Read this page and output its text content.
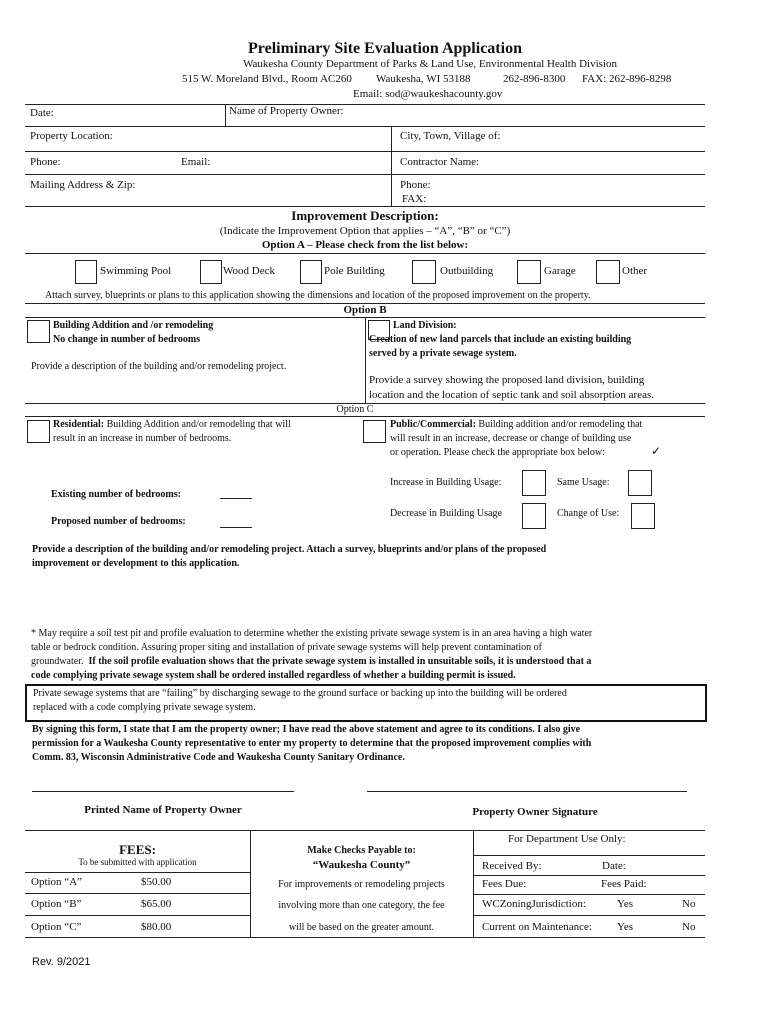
Preliminary Site Evaluation Application
Waukesha County Department of Parks & Land Use, Environmental Health Division
515 W. Moreland Blvd., Room AC260 Waukesha, WI 53188	262-896-8300 FAX: 262-896-8298
Email: sod@waukeshacounty.gov
Date:	Name of Property Owner:
Property Location:	City, Town, Village of:
Phone:	Email:	Contractor Name:
Mailing Address & Zip:	Phone:
FAX:
Improvement Description:
(Indicate the Improvement Option that applies – “A”, “B” or “C”)
Option A – Please check from the list below:
Swimming Pool	Wood Deck	Pole Building	Outbuilding	Garage	Other
Attach survey, blueprints or plans to this application showing the dimensions and location of the proposed improvement on the property.
Option B
Building Addition and /or remodeling
No change in number of bedrooms
Provide a description of the building and/or remodeling project.
Land Division:
Creation of new land parcels that include an existing building
served by a private sewage system.
Provide a survey showing the proposed land division, building
location and the location of septic tank and soil absorption areas.
Option C
Residential: Building Addition and/or remodeling that will
result in an increase in number of bedrooms.
Existing number of bedrooms:
Proposed number of bedrooms:
Public/Commercial: Building addition and/or remodeling that
will result in an increase, decrease or change of building use
or operation. Please check the appropriate box below:	✓
Increase in Building Usage:	Same Usage:
Decrease in Building Usage	Change of Use:
Provide a description of the building and/or remodeling project. Attach a survey, blueprints and/or plans of the proposed
improvement or development to this application.
* May require a soil test pit and profile evaluation to determine whether the existing private sewage system is in an area having a high water
table or bedrock condition. Assuring proper siting and installation of private sewage systems will help prevent contamination of
groundwater. If the soil profile evaluation shows that the private sewage system is installed in unsuitable soils, it is understood that a
code complying private sewage system shall be ordered installed regardless of whether a building permit is issued.
Private sewage systems that are “failing” by discharging sewage to the ground surface or backing up into the building will be ordered
replaced with a code complying private sewage system.
By signing this form, I state that I am the property owner; I have read the above statement and agree to its conditions. I also give
permission for a Waukesha County representative to enter my property to determine that the proposed improvement complies with
Comm. 83, Wisconsin Administrative Code and Waukesha County Sanitary Ordinance.
Printed Name of Property Owner	Property Owner Signature
FEES:
To be submitted with application
Option “A”	$50.00
Option “B”	$65.00
Option “C”	$80.00
Make Checks Payable to:
“Waukesha County”
For improvements or remodeling projects
involving more than one category, the fee
will be based on the greater amount.
For Department Use Only:
Received By:	Date:
Fees Due:	Fees Paid:
WCZoningJurisdiction:	Yes	No
Current on Maintenance: Yes	No
Rev. 9/2021
